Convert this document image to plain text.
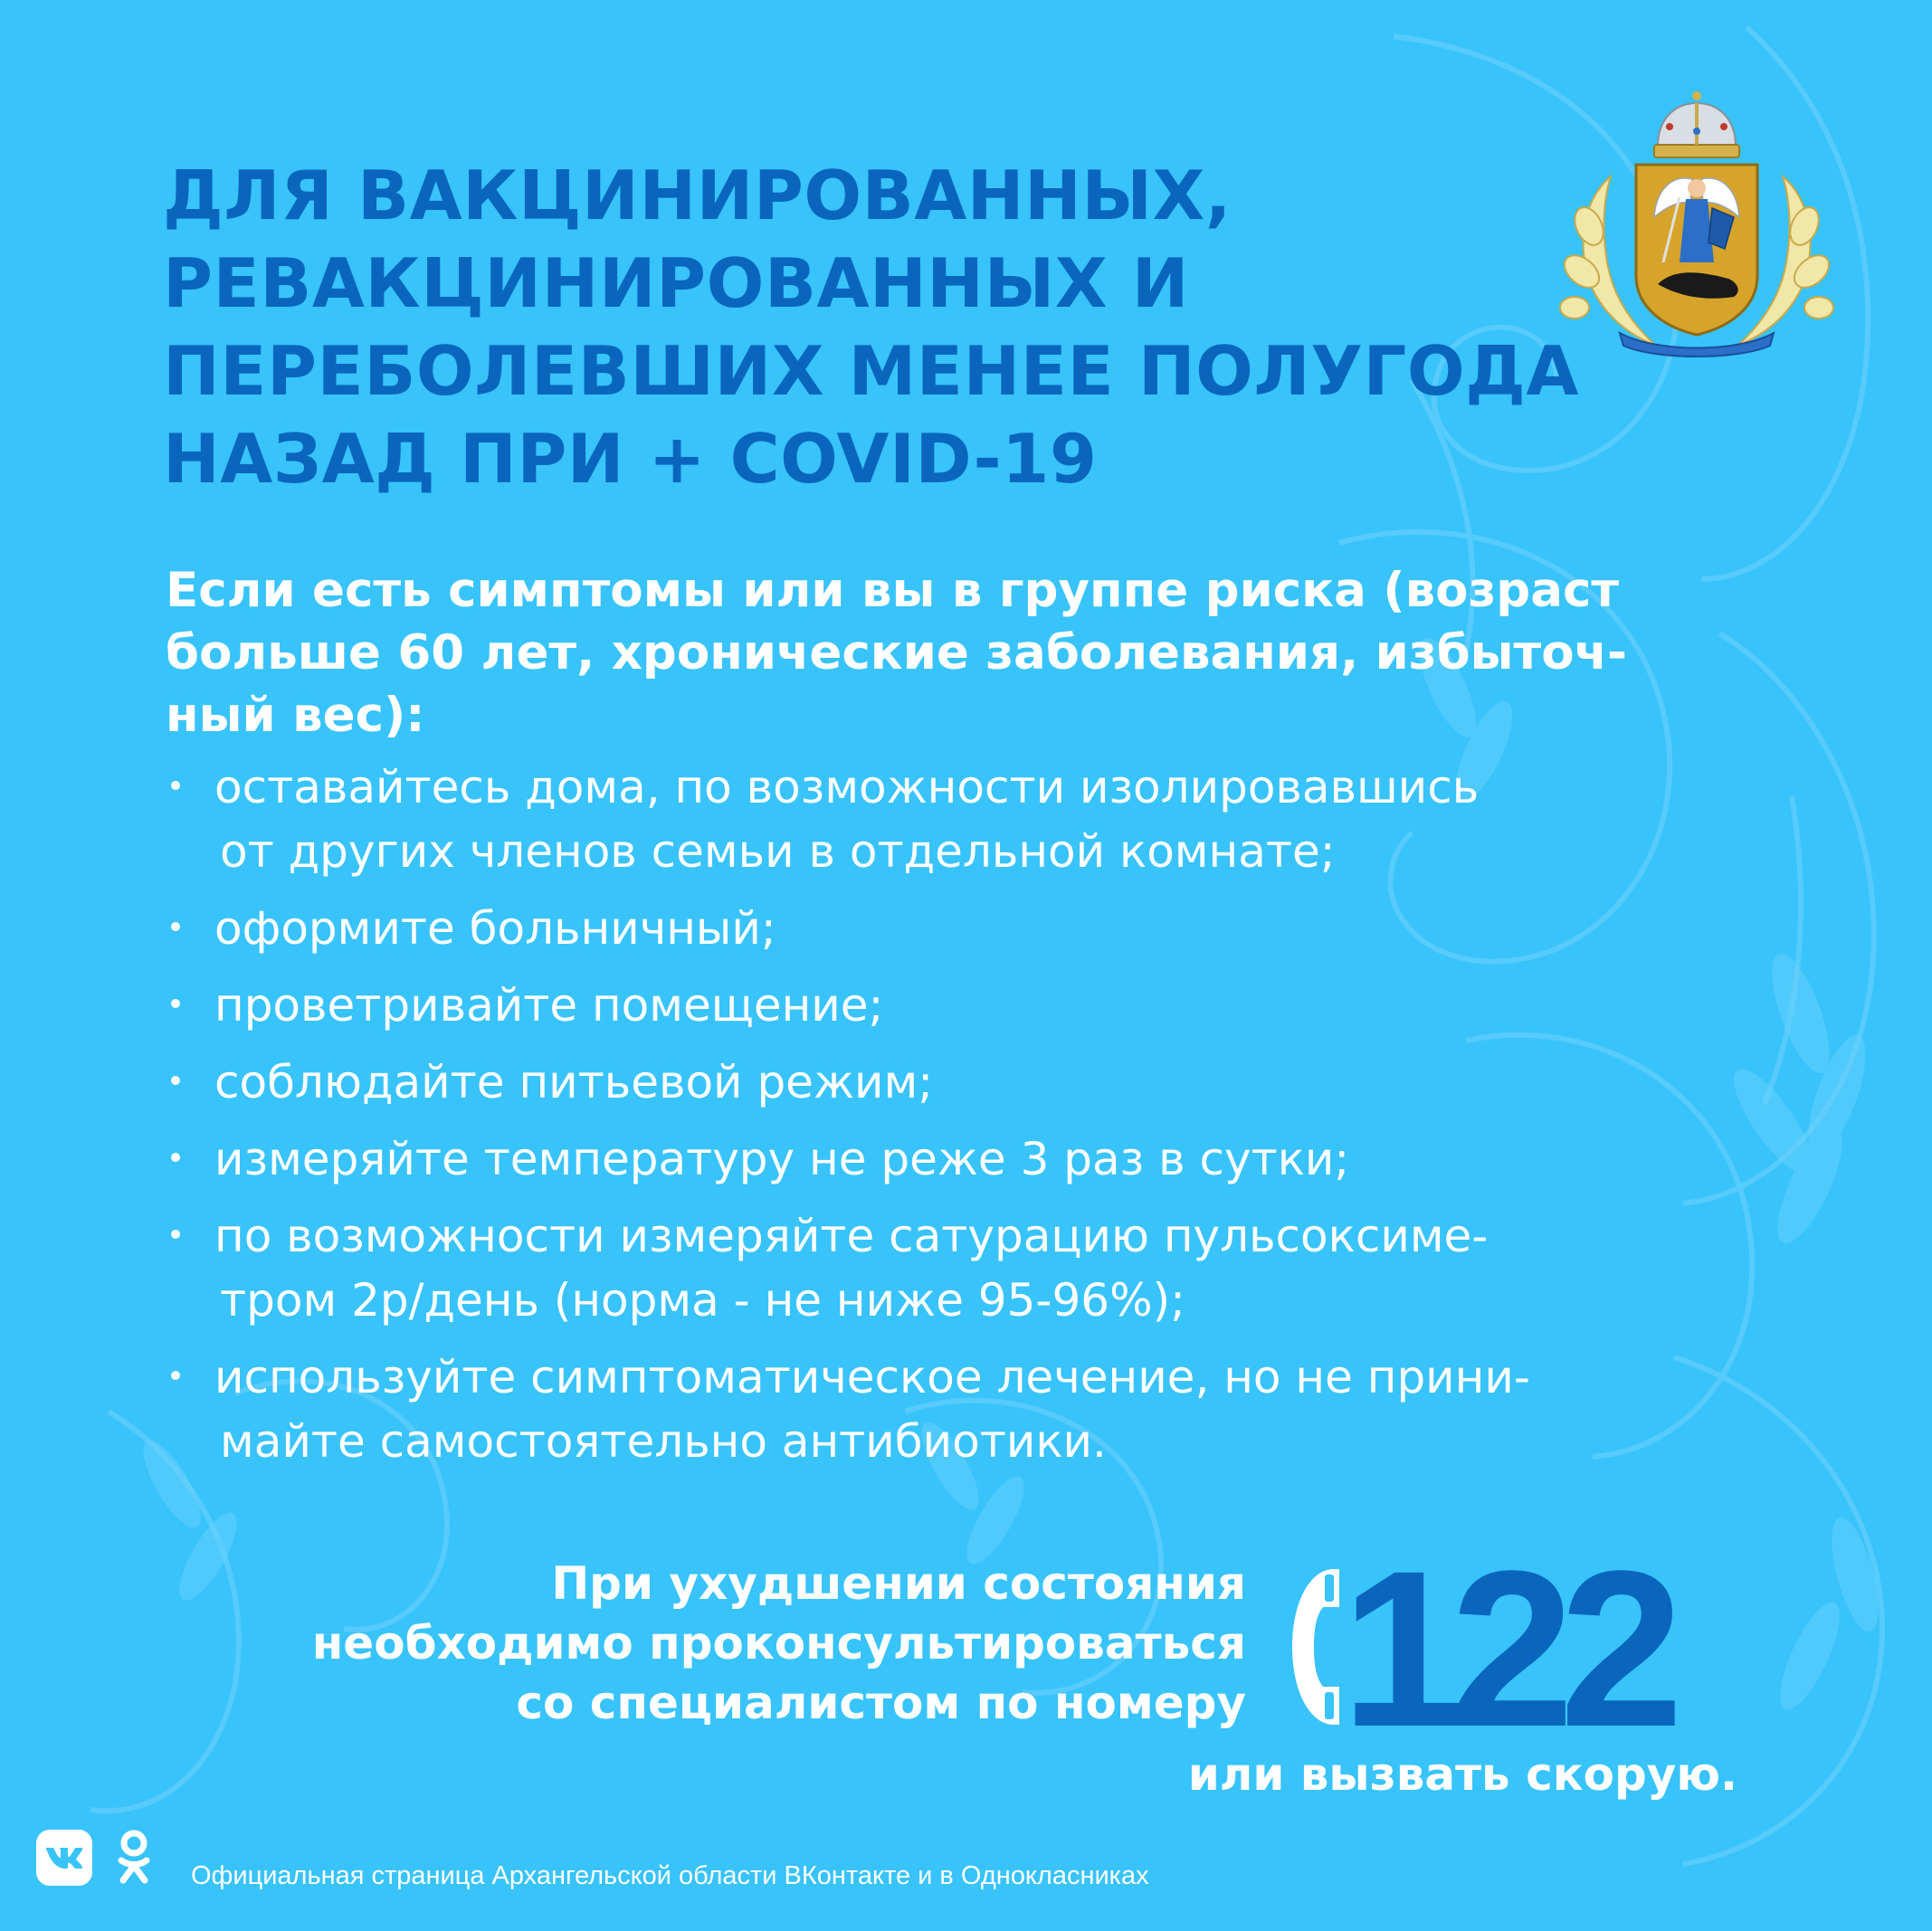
ДЛЯ ВАКЦИНИРОВАННЫХ,
РЕВАКЦИНИРОВАННЫХ И
ПЕРЕБОЛЕВШИХ МЕНЕЕ ПОЛУГОДА
НАЗАД ПРИ + COVID-19

Если есть симптомы или вы в группе риска (возраст
больше 60 лет, хронические заболевания, избыточ-
ный вес):

оставайтесь дома, по возможности изолировавшись
от других членов семьи в отдельной комнате;
оформите больничный;
проветривайте помещение;
соблюдайте питьевой режим;
измеряйте температуру не реже 3 раз в сутки;
по возможности измеряйте сатурацию пульсоксиме-
тром 2р/день (норма - не ниже 95-96%);
используйте симптоматическое лечение, но не прини-
майте самостоятельно антибиотики.

При ухудшении состояния
необходимо проконсультироваться
со специалистом по номеру 122

или вызвать скорую.

Официальная страница Архангельской области ВКонтакте и в Однокласниках
